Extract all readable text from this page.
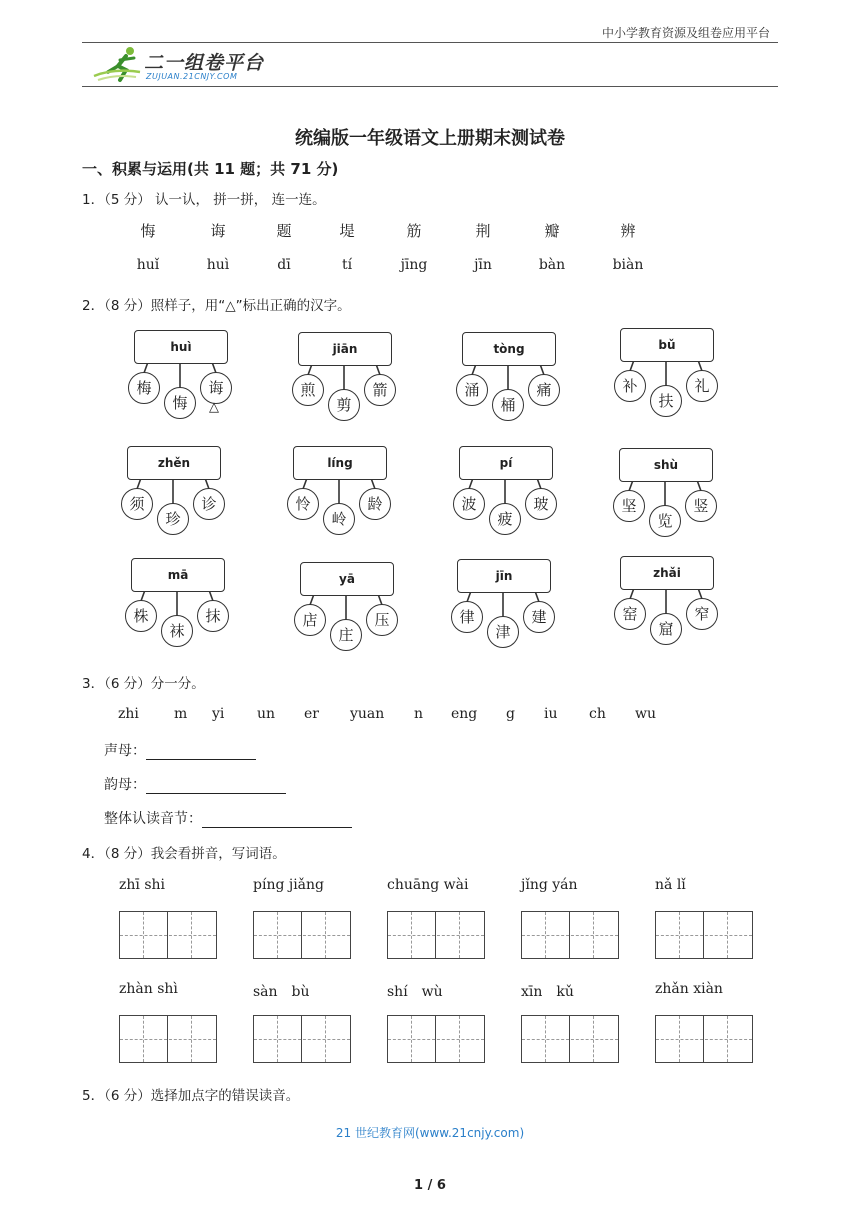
中小学教育资源及组卷应用平台
二一组卷平台
ZUJUAN.21CNJY.COM
统编版一年级语文上册期末测试卷
一、积累与运用(共 11 题；共 71 分)
1．（5 分） 认一认， 拼一拼， 连一连。
悔	诲	题	堤	筋	荆	瓣	辨
huǐ	huì	dī	tí	jīng	jīn	bàn	biàn
2．（8 分）照样子，用“△”标出正确的汉字。
huì
梅
悔
诲
jiān
煎
剪
箭
tòng
涌
桶
痛
bǔ
补
扶
礼
zhěn
须
珍
诊
líng
怜
岭
龄
pí
波
疲
玻
shù
坚
览
竖
mā
株
袜
抹
yā
店
庄
压
jīn
律
津
建
zhǎi
窑
窟
窄
△
3．（6 分）分一分。
zhi	m yi un er yuan n eng g iu ch wu
声母：
韵母：
整体认读音节：
4．（8 分）我会看拼音，写词语。
zhī shi	píng jiǎng	chuāng wài	jǐng yán	nǎ lǐ
zhàn shì	sàn　bù	shí　wù	xīn　kǔ	zhǎn xiàn
5．（6 分）选择加点字的错误读音。
21 世纪教育网(www.21cnjy.com)
1 / 6
